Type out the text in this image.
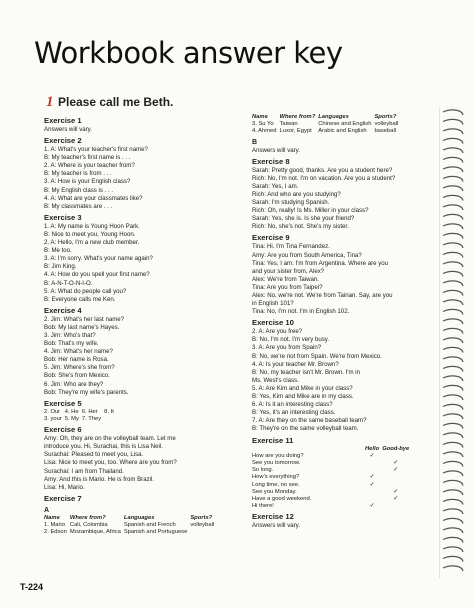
Workbook answer key
1 Please call me Beth.
Exercise 1
Answers will vary.
Exercise 2
1. A: What's your teacher's first name?
B: My teacher's first name is . . .
2. A: Where is your teacher from?
B: My teacher is from . . .
3. A: How is your English class?
B: My English class is . . .
4. A: What are your classmates like?
B: My classmates are . . .
Exercise 3
1. A: My name is Young Hoon Park.
B: Nice to meet you, Young Hoon.
2. A: Hello, I'm a new club member.
B: Me too.
3. A: I'm sorry. What's your name again?
B: Jim King.
4. A: How do you spell your first name?
B: A-N-T-O-N-I-O.
5. A: What do people call you?
B: Everyone calls me Ken.
Exercise 4
2. Jim: What's her last name?
Bob: My last name's Hayes.
3. Jim: Who's that?
Bob: That's my wife.
4. Jim: What's her name?
Bob: Her name is Rosa.
5. Jim: Where's she from?
Bob: She's from Mexico.
6. Jim: Who are they?
Bob: They're my wife's parents.
Exercise 5
2. Our	4. He	6. Her	8. It
3. your	5. My	7. They	
Exercise 6
Amy: Oh, they are on the volleyball team. Let me
introduce you. Hi, Surachai, this is Lisa Neil.
Surachai: Pleased to meet you, Lisa.
Lisa: Nice to meet you, too. Where are you from?
Surachai: I am from Thailand.
Amy: And this is Mario. He is from Brazil.
Lisa: Hi, Mario.
Exercise 7
A
Name	Where from?	Languages	Sports?
1. Mario	Cali, Colombia	Spanish and French	volleyball
2. Edson	Mozambique, Africa	Spanish and Portuguese	
Name	Where from?	Languages	Sports?
3. Su Yo	Taiwan	Chinese and English	volleyball
4. Ahmed	Luxor, Egypt	Arabic and English	baseball
B
Answers will vary.
Exercise 8
Sarah: Pretty good, thanks. Are you a student here?
Rich: No, I'm not. I'm on vacation. Are you a student?
Sarah: Yes, I am.
Rich: And who are you studying?
Sarah: I'm studying Spanish.
Rich: Oh, really! Is Ms. Miller in your class?
Sarah: Yes, she is. Is she your friend?
Rich: No, she's not. She's my sister.
Exercise 9
Tina: Hi. I'm Tina Fernandez.
Amy: Are you from South America, Tina?
Tina: Yes, I am. I'm from Argentina. Where are you
and your sister from, Alex?
Alex: We're from Taiwan.
Tina: Are you from Taipei?
Alex: No, we're not. We're from Tainan. Say, are you
in English 101?
Tina: No, I'm not. I'm in English 102.
Exercise 10
2. A: Are you free?
B: No, I'm not. I'm very busy.
3. A: Are you from Spain?
B: No, we're not from Spain. We're from Mexico.
4. A: Is your teacher Mr. Brown?
B: No, my teacher isn't Mr. Brown. I'm in
Ms. West's class.
5. A: Are Kim and Mike in your class?
B: Yes, Kim and Mike are in my class.
6. A: Is it an interesting class?
B: Yes, it's an interesting class.
7. A: Are they on the same baseball team?
B: They're on the same volleyball team.
Exercise 11
	Hello	Good-bye
How are you doing?	✓	
See you tomorrow.		✓
So long.		✓
How's everything?	✓	
Long time, no see.	✓	
See you Monday.		✓
Have a good weekend.		✓
Hi there!	✓	
Exercise 12
Answers will vary.
T-224
